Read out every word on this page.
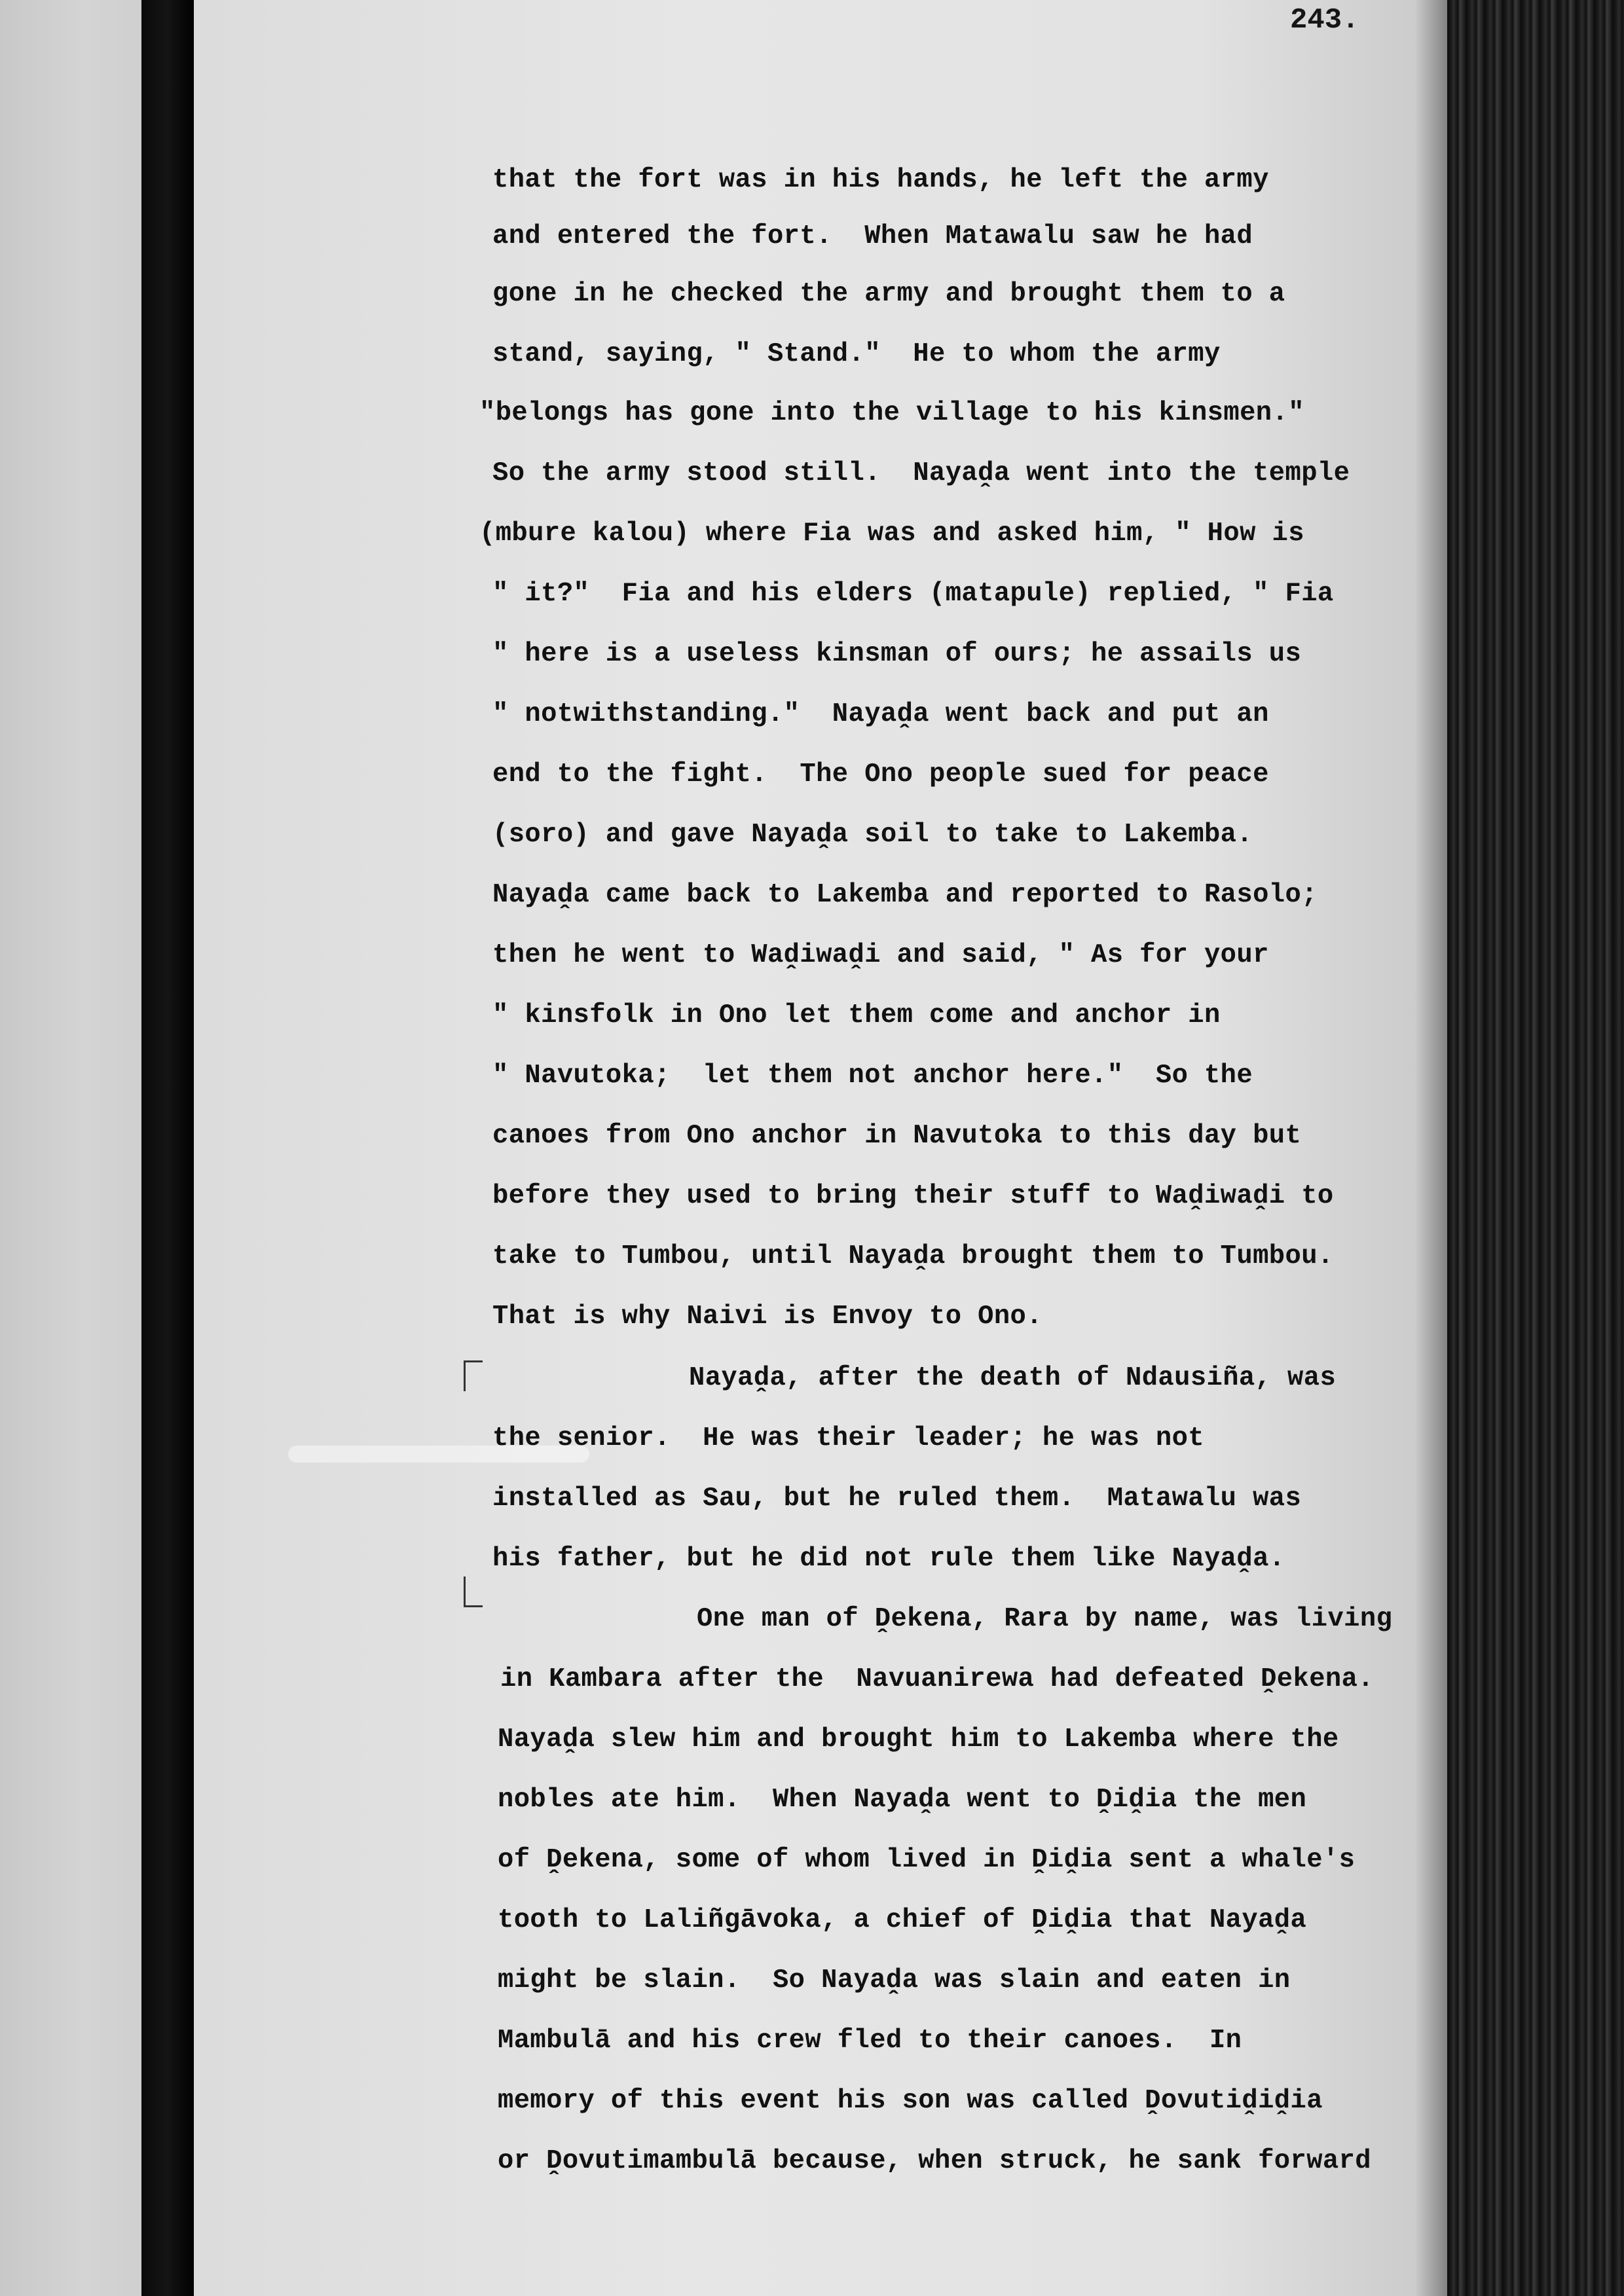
243.
that the fort was in his hands, he left the army
and entered the fort.  When Matawalu saw he had
gone in he checked the army and brought them to a
stand, saying, " Stand."  He to whom the army
"belongs has gone into the village to his kinsmen."
So the army stood still.  Nayaḓa went into the temple
(mbure kalou) where Fia was and asked him, " How is
" it?"  Fia and his elders (matapule) replied, " Fia
" here is a useless kinsman of ours; he assails us
" notwithstanding."  Nayaḓa went back and put an
end to the fight.  The Ono people sued for peace
(soro) and gave Nayaḓa soil to take to Lakemba.
Nayaḓa came back to Lakemba and reported to Rasolo;
then he went to Waḓiwaḓi and said, " As for your
" kinsfolk in Ono let them come and anchor in
" Navutoka;  let them not anchor here."  So the
canoes from Ono anchor in Navutoka to this day but
before they used to bring their stuff to Waḓiwaḓi to
take to Tumbou, until Nayaḓa brought them to Tumbou.
That is why Naivi is Envoy to Ono.
Nayaḓa, after the death of Ndausiña, was
the senior.  He was their leader; he was not
installed as Sau, but he ruled them.  Matawalu was
his father, but he did not rule them like Nayaḓa.
One man of Ḓekena, Rara by name, was living
in Kambara after the  Navuanirewa had defeated Ḓekena.
Nayaḓa slew him and brought him to Lakemba where the
nobles ate him.  When Nayaḓa went to Ḓiḓia the men
of Ḓekena, some of whom lived in Ḓiḓia sent a whale's
tooth to Laliñgāvoka, a chief of Ḓiḓia that Nayaḓa
might be slain.  So Nayaḓa was slain and eaten in
Mambulā and his crew fled to their canoes.  In
memory of this event his son was called Ḓovutiḓiḓia
or Ḓovutimambulā because, when struck, he sank forward
